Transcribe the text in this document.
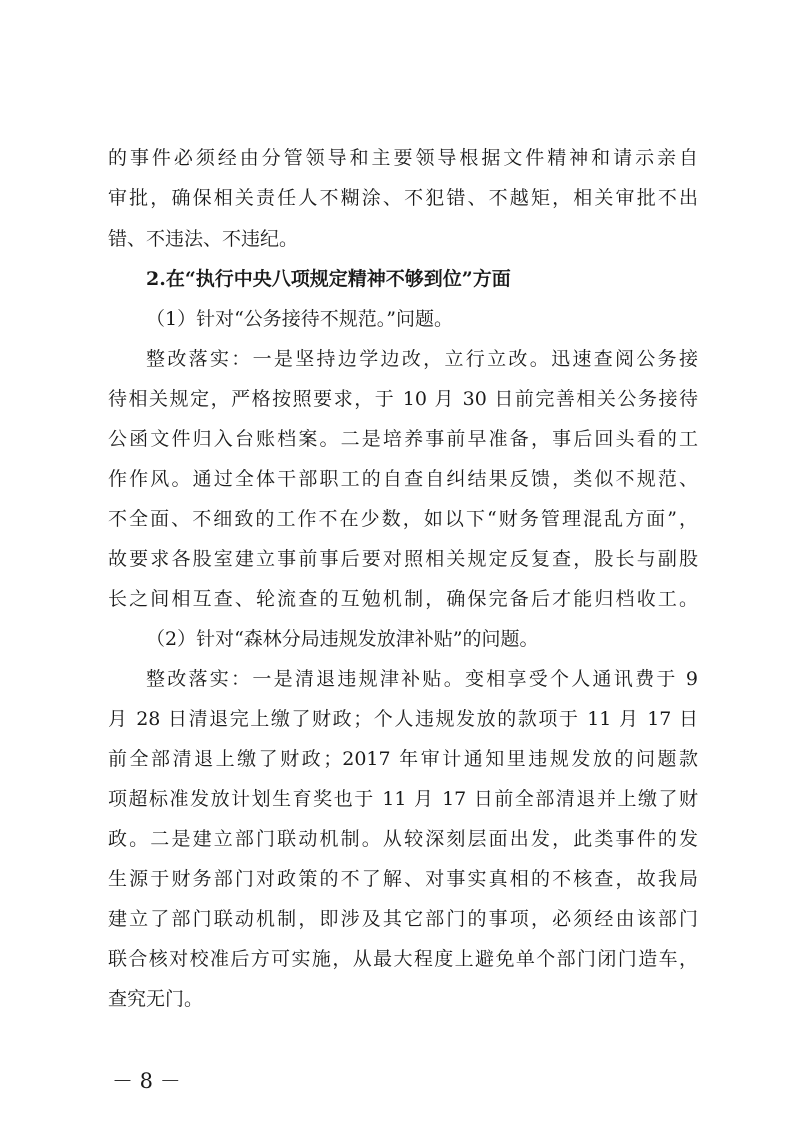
的事件必须经由分管领导和主要领导根据文件精神和请示亲自
审批，确保相关责任人不糊涂、不犯错、不越矩，相关审批不出
错、不违法、不违纪。
2.在“执行中央八项规定精神不够到位”方面
（1）针对“公务接待不规范。”问题。
整改落实：一是坚持边学边改，立行立改。迅速查阅公务接
待相关规定，严格按照要求，于 10 月 30 日前完善相关公务接待
公函文件归入台账档案。二是培养事前早准备，事后回头看的工
作作风。通过全体干部职工的自查自纠结果反馈，类似不规范、
不全面、不细致的工作不在少数，如以下“财务管理混乱方面”，
故要求各股室建立事前事后要对照相关规定反复查，股长与副股
长之间相互查、轮流查的互勉机制，确保完备后才能归档收工。
（2）针对“森林分局违规发放津补贴”的问题。
整改落实：一是清退违规津补贴。变相享受个人通讯费于 9
月 28 日清退完上缴了财政；个人违规发放的款项于 11 月 17 日
前全部清退上缴了财政；2017 年审计通知里违规发放的问题款
项超标准发放计划生育奖也于 11 月 17 日前全部清退并上缴了财
政。二是建立部门联动机制。从较深刻层面出发，此类事件的发
生源于财务部门对政策的不了解、对事实真相的不核查，故我局
建立了部门联动机制，即涉及其它部门的事项，必须经由该部门
联合核对校准后方可实施，从最大程度上避免单个部门闭门造车，
查究无门。
－ 8 －
